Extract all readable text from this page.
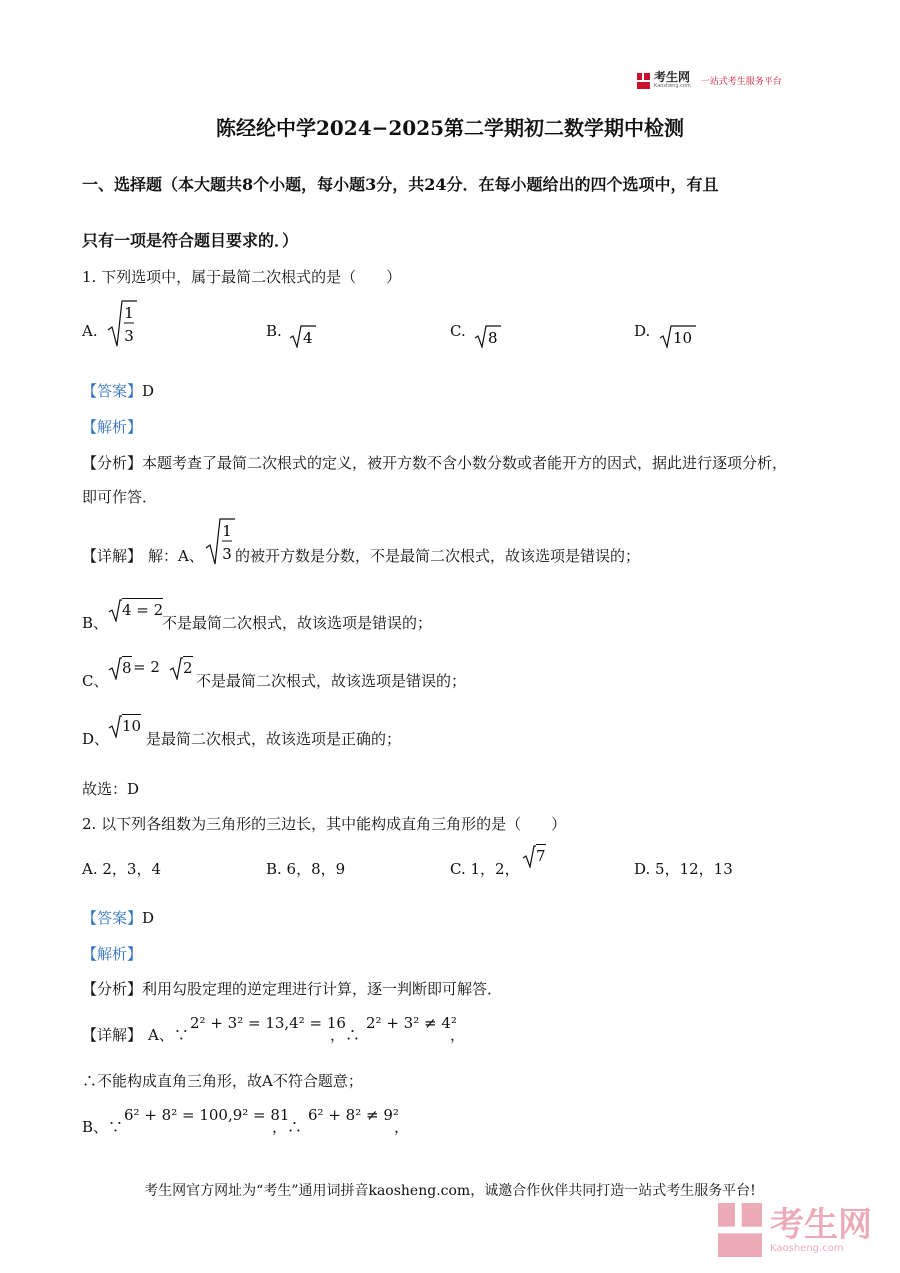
考生网
Kaosheng.com 一站式考生服务平台
陈经纶中学2024−2025第二学期初二数学期中检测
一、选择题（本大题共8个小题，每小题3分，共24分．在每小题给出的四个选项中，有且
只有一项是符合题目要求的．）
1. 下列选项中，属于最简二次根式的是（　　）
A.
1
3	B. 4	C. 8	D. 10
【答案】D
【解析】
【分析】本题考查了最简二次根式的定义，被开方数不含小数分数或者能开方的因式，据此进行逐项分析，
即可作答．
【详解】 解：A、
1
3 的被开方数是分数，不是最简二次根式，故该选项是错误的；
B、
4 = 2
不是最简二次根式，故该选项是错误的；
C、
8 = 2 2
不是最简二次根式，故该选项是错误的；
D、
10
是最简二次根式，故该选项是正确的；
故选：D
2. 以下列各组数为三角形的三边长，其中能构成直角三角形的是（　　）
A. 2，3，4	B. 6，8，9	C. 1，2，
7
D. 5，12，13
【答案】D
【解析】
【分析】利用勾股定理的逆定理进行计算，逐一判断即可解答．
【详解】 A、∵
2² + 3² = 13,4² = 16
，∴
2² + 3² ≠ 4²
，
∴不能构成直角三角形，故A不符合题意；
B、∵
6² + 8² = 100,9² = 81
，∴
6² + 8² ≠ 9²
，
考生网官方网址为“考生”通用词拼音kaosheng.com，诚邀合作伙伴共同打造一站式考生服务平台!
考生网
Kaosheng.com
